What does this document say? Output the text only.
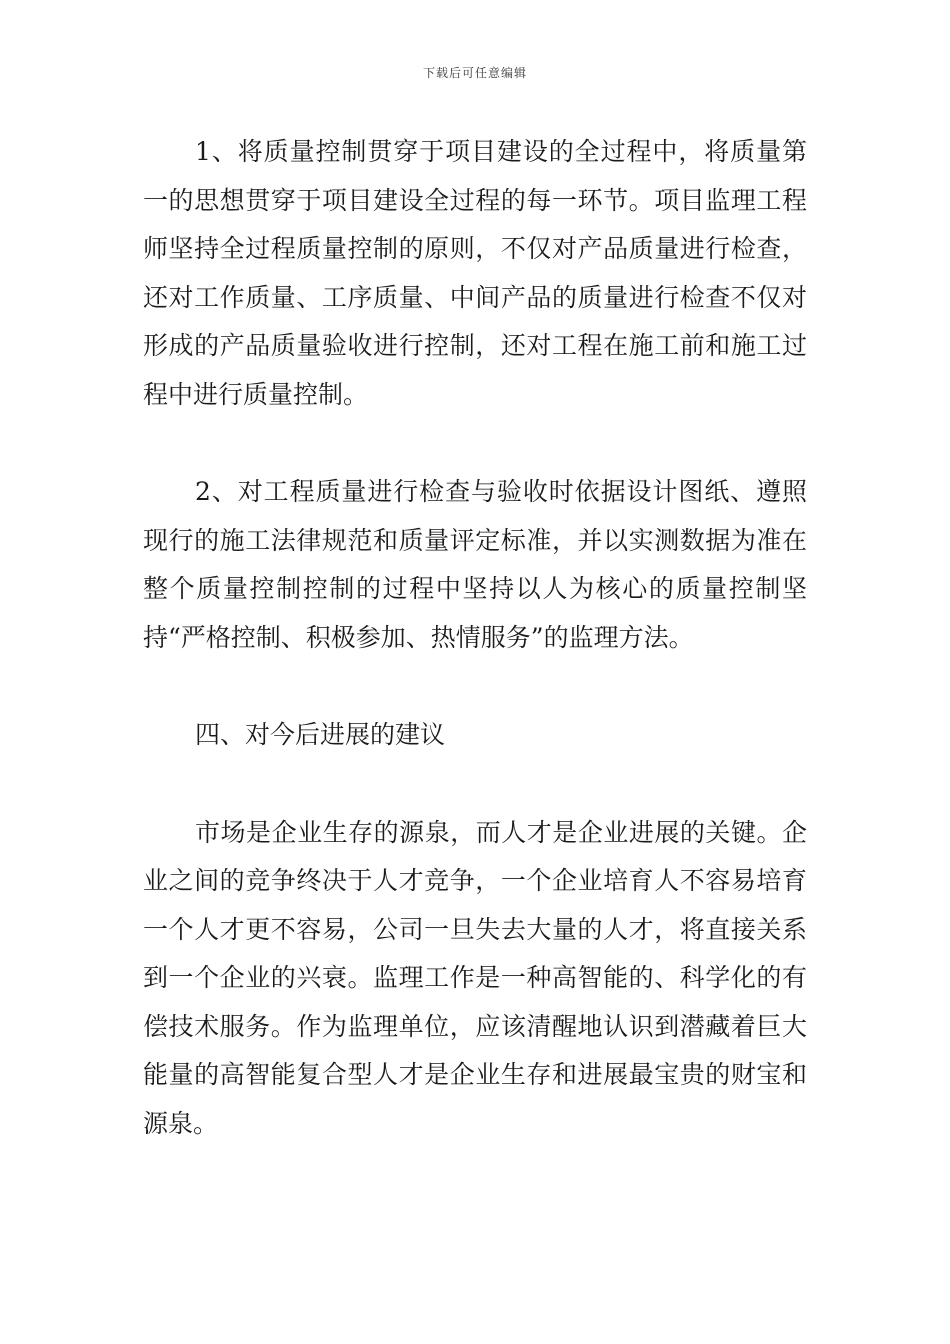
下载后可任意编辑

1、将质量控制贯穿于项目建设的全过程中，将质量第一的思想贯穿于项目建设全过程的每一环节。项目监理工程师坚持全过程质量控制的原则，不仅对产品质量进行检查，还对工作质量、工序质量、中间产品的质量进行检查不仅对形成的产品质量验收进行控制，还对工程在施工前和施工过程中进行质量控制。

2、对工程质量进行检查与验收时依据设计图纸、遵照现行的施工法律规范和质量评定标准，并以实测数据为准在整个质量控制控制的过程中坚持以人为核心的质量控制坚持“严格控制、积极参加、热情服务”的监理方法。

四、对今后进展的建议

市场是企业生存的源泉，而人才是企业进展的关键。企业之间的竞争终决于人才竞争，一个企业培育人不容易培育一个人才更不容易，公司一旦失去大量的人才，将直接关系到一个企业的兴衰。监理工作是一种高智能的、科学化的有偿技术服务。作为监理单位，应该清醒地认识到潜藏着巨大能量的高智能复合型人才是企业生存和进展最宝贵的财宝和源泉。
